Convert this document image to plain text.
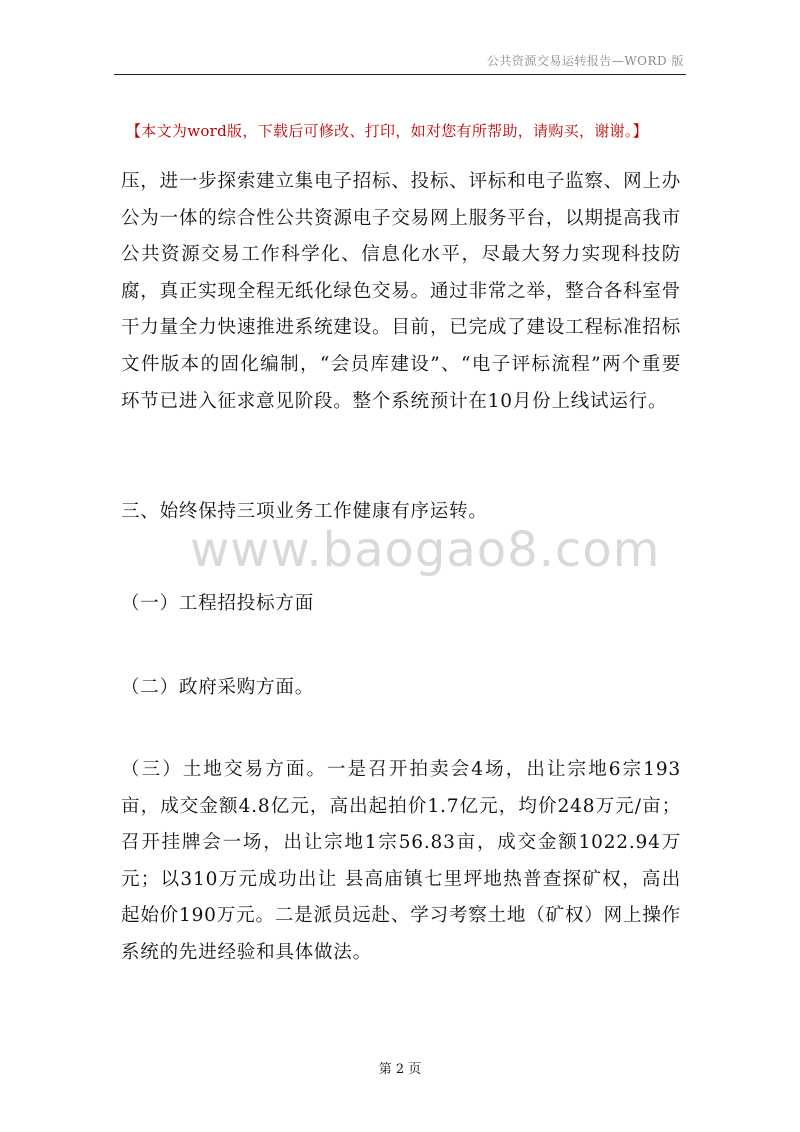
公共资源交易运转报告—WORD 版
【本文为word版，下载后可修改、打印，如对您有所帮助，请购买，谢谢。】
压，进一步探索建立集电子招标、投标、评标和电子监察、网上办公为一体的综合性公共资源电子交易网上服务平台，以期提高我市公共资源交易工作科学化、信息化水平，尽最大努力实现科技防腐，真正实现全程无纸化绿色交易。通过非常之举，整合各科室骨干力量全力快速推进系统建设。目前，已完成了建设工程标准招标文件版本的固化编制，“会员库建设”、“电子评标流程”两个重要环节已进入征求意见阶段。整个系统预计在10月份上线试运行。
三、始终保持三项业务工作健康有序运转。
www.baogao8.com
（一）工程招投标方面
（二）政府采购方面。
（三）土地交易方面。一是召开拍卖会4场，出让宗地6宗193亩，成交金额4.8亿元，高出起拍价1.7亿元，均价248万元/亩；召开挂牌会一场，出让宗地1宗56.83亩，成交金额1022.94万元；以310万元成功出让 县高庙镇七里坪地热普查探矿权，高出起始价190万元。二是派员远赴、学习考察土地（矿权）网上操作系统的先进经验和具体做法。
第 2 页
